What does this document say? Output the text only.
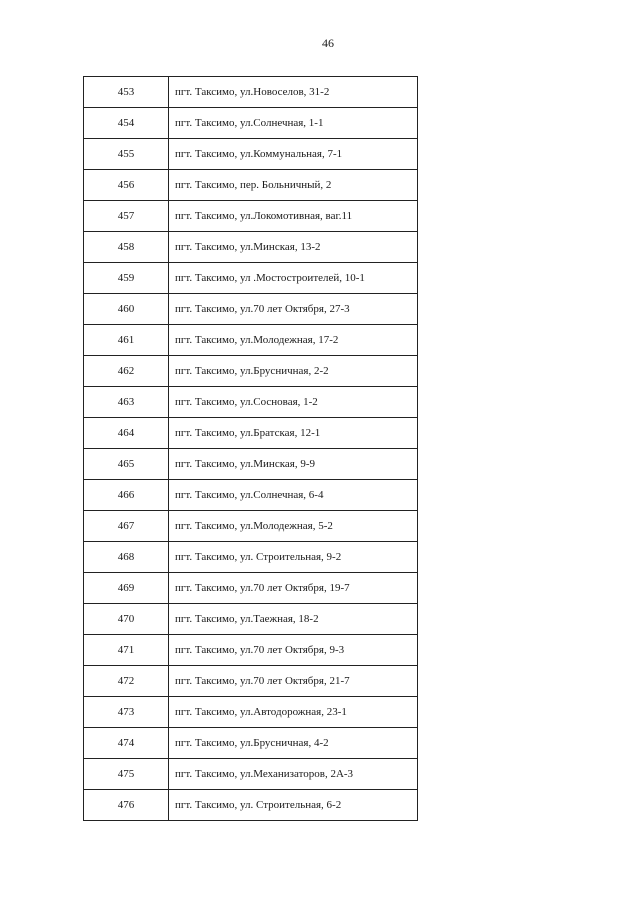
46
453	пгт. Таксимо, ул.Новоселов, 31-2
454	пгт. Таксимо, ул.Солнечная, 1-1
455	пгт. Таксимо, ул.Коммунальная, 7-1
456	пгт. Таксимо, пер. Больничный, 2
457	пгт. Таксимо, ул.Локомотивная, ваг.11
458	пгт. Таксимо, ул.Минская, 13-2
459	пгт. Таксимо, ул .Мостостроителей, 10-1
460	пгт. Таксимо, ул.70 лет Октября, 27-3
461	пгт. Таксимо, ул.Молодежная, 17-2
462	пгт. Таксимо, ул.Брусничная, 2-2
463	пгт. Таксимо, ул.Сосновая, 1-2
464	пгт. Таксимо, ул.Братская, 12-1
465	пгт. Таксимо, ул.Минская, 9-9
466	пгт. Таксимо, ул.Солнечная, 6-4
467	пгт. Таксимо, ул.Молодежная, 5-2
468	пгт. Таксимо, ул. Строительная, 9-2
469	пгт. Таксимо, ул.70 лет Октября, 19-7
470	пгт. Таксимо, ул.Таежная, 18-2
471	пгт. Таксимо, ул.70 лет Октября, 9-3
472	пгт. Таксимо, ул.70 лет Октября, 21-7
473	пгт. Таксимо, ул.Автодорожная, 23-1
474	пгт. Таксимо, ул.Брусничная, 4-2
475	пгт. Таксимо, ул.Механизаторов, 2А-3
476	пгт. Таксимо, ул. Строительная, 6-2
